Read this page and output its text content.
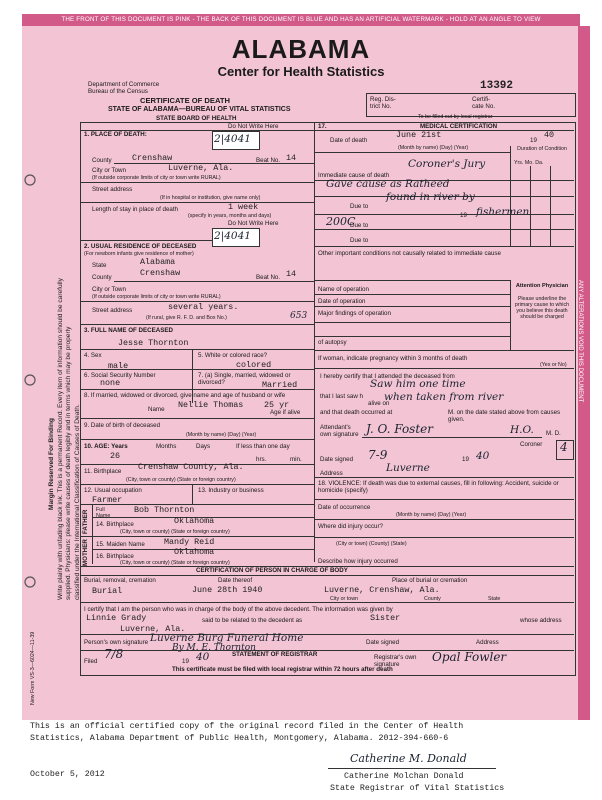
THE FRONT OF THIS DOCUMENT IS PINK - THE BACK OF THIS DOCUMENT IS BLUE AND HAS AN ARTIFICIAL WATERMARK - HOLD AT AN ANGLE TO VIEW
ANY ALTERATIONS VOID THIS DOCUMENT
ALABAMA
Center for Health Statistics
Margin Reserved For Binding Write plainly with unfading black ink. This is a permanent Record. Every item of information should be carefully supplied. Physicians: please write causes of death legibly and in terms which may be properly classified under the International Classification of Causes of Death.
New Form VS-3—6024—11-39
Department of Commerce
Bureau of the Census
CERTIFICATE OF DEATH
STATE OF ALABAMA—BUREAU OF VITAL STATISTICS
STATE BOARD OF HEALTH
13392
Reg. Dis-
trict No.
Certifi-
cate No.
To be filled out by local registrar
Do Not Write Here
1. PLACE OF DEATH:	2|4041
County Crenshaw	Beat No. 14
City or Town	Luverne, Ala.
(If outside corporate limits of city or town write RURAL)
Street address
(If in hospital or institution, give name only)
Length of stay in place of death	1 week
(specify in years, months and days)
Do Not Write Here
2|4041
2. USUAL RESIDENCE OF DECEASED
(For newborn infants give residence of mother)
State	Alabama
County	Crenshaw	Beat No. 14
City or Town
(If outside corporate limits of city or town write RURAL)
Street address	several years.
(If rural, give R. F. D. and Box No.)	653
3. FULL NAME OF DECEASED
Jesse Thornton
4. Sex	5. White or colored race?
male	colored
6. Social Security Number
none
7. (a) Single, married, widowed or divorced?	Married
8. If married, widowed or divorced, give name and age of husband or wife
Name Nellie Thomas 25 yr
Age if alive
9. Date of birth of deceased
(Month by name) (Day) (Year)
10. AGE: Years	Months	Days	If less than one day
26	hrs.	min.
11. Birthplace Crenshaw County, Ala.
(City, town or county) (State or foreign country)
12. Usual occupation	13. Industry or business
Farmer
FATHER Full
Name
Bob Thornton
14. Birthplace	Oklahoma
(City, town or county) (State or foreign country)
MOTHER 15. Maiden Name Mandy Reid
16. Birthplace	Oklahoma
(City, town or county) (State or foreign country)
17.	MEDICAL CERTIFICATION
Date of death
June 21st
19
40
(Month by name) (Day) (Year)	Duration of Condition
Yrs. Mo. Da.
Immediate cause of death
Coroner's Jury
Gave cause as Ratheed
Due to
found in river by
19 fishermen
200C
Due to
Due to
Other important conditions not causally related to immediate cause
Attention Physician
Please underline the primary cause to which you believe this death should be charged
Name of operation
Date of operation
Major findings of operation
of autopsy
If woman, indicate pregnancy within 3 months of death
(Yes or No)
I hereby certify that I attended the deceased from
Saw him one time
that I last saw h
alive on
when taken from river
and that death occurred at	M. on the date stated above from causes given.
Attendant's own signature J. O. Foster	H.O. M. D.
Coroner 4
Date signed 7-9	19 40
Address	Luverne
18. VIOLENCE: If death was due to external causes, fill in following: Accident, suicide or homicide (specify)
Date of occurrence
(Month by name) (Day) (Year)
Where did injury occur?
(City or town) (County) (State)
Describe how injury occurred
CERTIFICATION OF PERSON IN CHARGE OF BODY
Burial, removal, cremation	Date thereof	Place of burial or cremation
Burial	June 28th 1940	Luverne, Crenshaw, Ala.
City or town	County	State
I certify that I am the person who was in charge of the body of the above decedent. The information was given by
Linnie Grady	said to be related to the decedent as	Sister	whose address
Luverne, Ala.
Person's own signature Luverne Burg Funeral Home
By M. E. Thornton
Date signed	Address
Filed
7/8
19 40	STATEMENT OF REGISTRAR	Registrar's own signature
Opal Fowler
This certificate must be filed with local registrar within 72 hours after death
This is an official certified copy of the original record filed in the Center of Health
Statistics, Alabama Department of Public Health, Montgomery, Alabama. 2012-394-660-6
October 5, 2012
Catherine M. Donald
Catherine Molchan Donald
State Registrar of Vital Statistics
